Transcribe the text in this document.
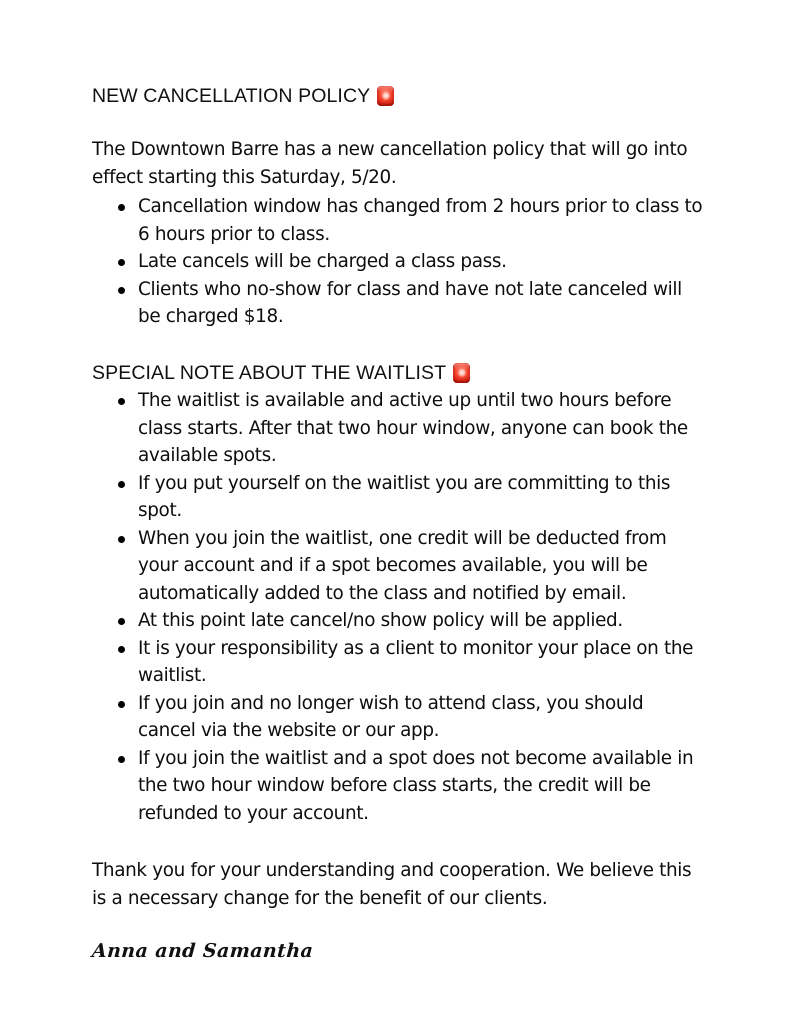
NEW CANCELLATION POLICY

The Downtown Barre has a new cancellation policy that will go into effect starting this Saturday, 5/20.

Cancellation window has changed from 2 hours prior to class to 6 hours prior to class.
Late cancels will be charged a class pass.
Clients who no-show for class and have not late canceled will be charged $18.
SPECIAL NOTE ABOUT THE WAITLIST
The waitlist is available and active up until two hours before class starts. After that two hour window, anyone can book the available spots.
If you put yourself on the waitlist you are committing to this spot.
When you join the waitlist, one credit will be deducted from your account and if a spot becomes available, you will be automatically added to the class and notified by email.
At this point late cancel/no show policy will be applied.
It is your responsibility as a client to monitor your place on the waitlist.
If you join and no longer wish to attend class, you should cancel via the website or our app.
If you join the waitlist and a spot does not become available in the two hour window before class starts, the credit will be refunded to your account.

Thank you for your understanding and cooperation. We believe this is a necessary change for the benefit of our clients.

Anna and Samantha
